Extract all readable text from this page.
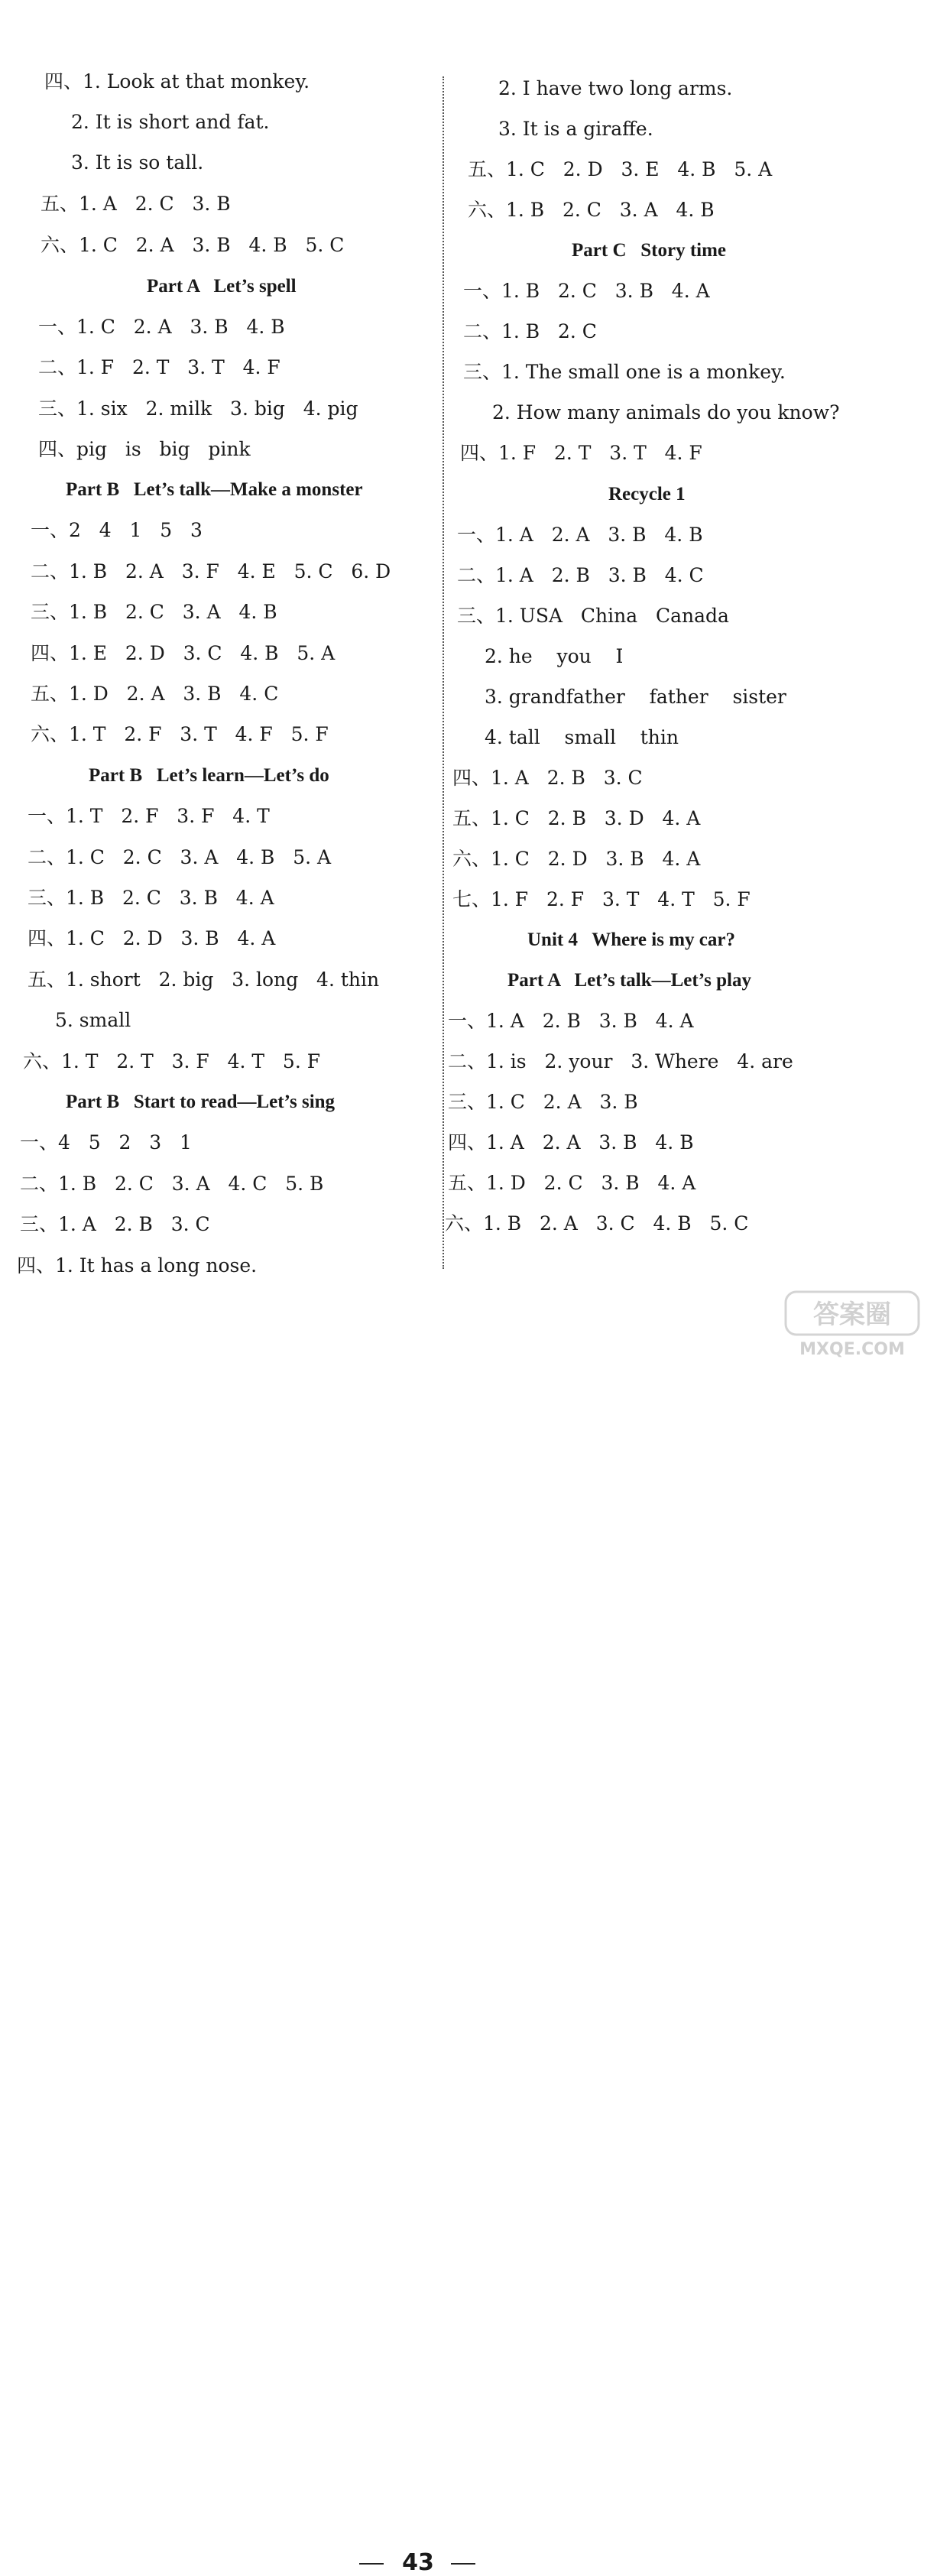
四、1. Look at that monkey.
2. It is short and fat.
3. It is so tall.
五、1. A   2. C   3. B
六、1. C   2. A   3. B   4. B   5. C
Part A   Let’s spell
一、1. C   2. A   3. B   4. B
二、1. F   2. T   3. T   4. F
三、1. six   2. milk   3. big   4. pig
四、pig   is   big   pink
Part B   Let’s talk—Make a monster
一、2   4   1   5   3
二、1. B   2. A   3. F   4. E   5. C   6. D
三、1. B   2. C   3. A   4. B
四、1. E   2. D   3. C   4. B   5. A
五、1. D   2. A   3. B   4. C
六、1. T   2. F   3. T   4. F   5. F
Part B   Let’s learn—Let’s do
一、1. T   2. F   3. F   4. T
二、1. C   2. C   3. A   4. B   5. A
三、1. B   2. C   3. B   4. A
四、1. C   2. D   3. B   4. A
五、1. short   2. big   3. long   4. thin
5. small
六、1. T   2. T   3. F   4. T   5. F
Part B   Start to read—Let’s sing
一、4   5   2   3   1
二、1. B   2. C   3. A   4. C   5. B
三、1. A   2. B   3. C
四、1. It has a long nose.
2. I have two long arms.
3. It is a giraffe.
五、1. C   2. D   3. E   4. B   5. A
六、1. B   2. C   3. A   4. B
Part C   Story time
一、1. B   2. C   3. B   4. A
二、1. B   2. C
三、1. The small one is a monkey.
2. How many animals do you know?
四、1. F   2. T   3. T   4. F
Recycle 1
一、1. A   2. A   3. B   4. B
二、1. A   2. B   3. B   4. C
三、1. USA   China   Canada
2. he    you    I
3. grandfather    father    sister
4. tall    small    thin
四、1. A   2. B   3. C
五、1. C   2. B   3. D   4. A
六、1. C   2. D   3. B   4. A
七、1. F   2. F   3. T   4. T   5. F
Unit 4   Where is my car?
Part A   Let’s talk—Let’s play
一、1. A   2. B   3. B   4. A
二、1. is   2. your   3. Where   4. are
三、1. C   2. A   3. B
四、1. A   2. A   3. B   4. B
五、1. D   2. C   3. B   4. A
六、1. B   2. A   3. C   4. B   5. C
43
答案圈
MXQE.COM
